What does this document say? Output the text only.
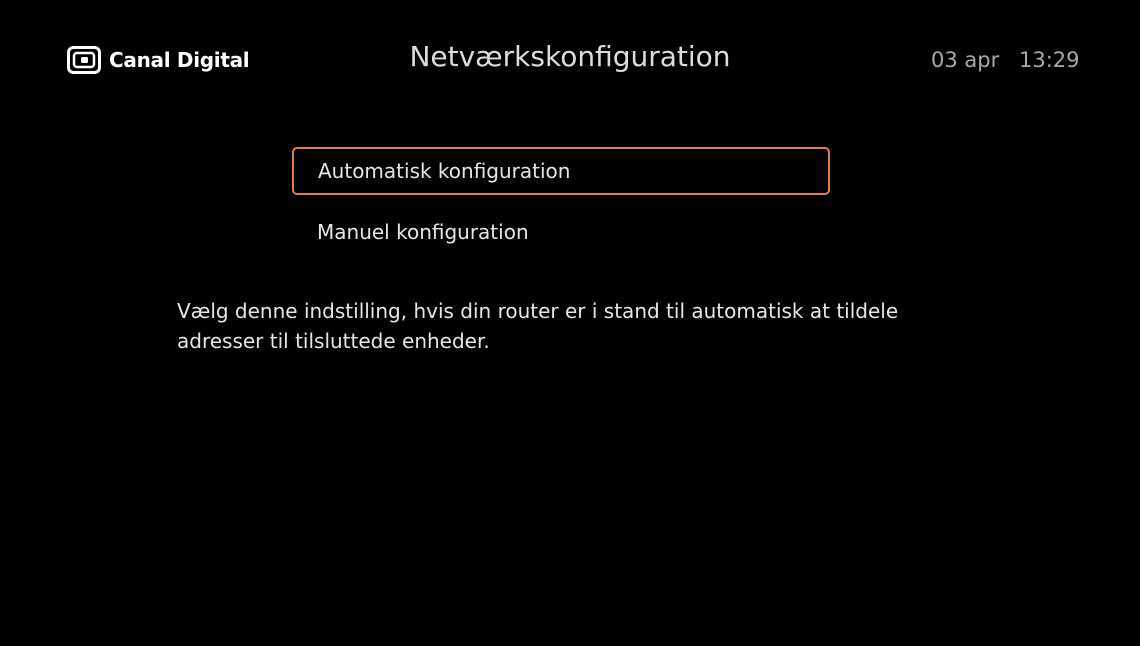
Canal Digital	Netværkskonfiguration	03 apr 13:29
Automatisk konfiguration
Manuel konfiguration
Vælg denne indstilling, hvis din router er i stand til automatisk at tildele adresser til tilsluttede enheder.
